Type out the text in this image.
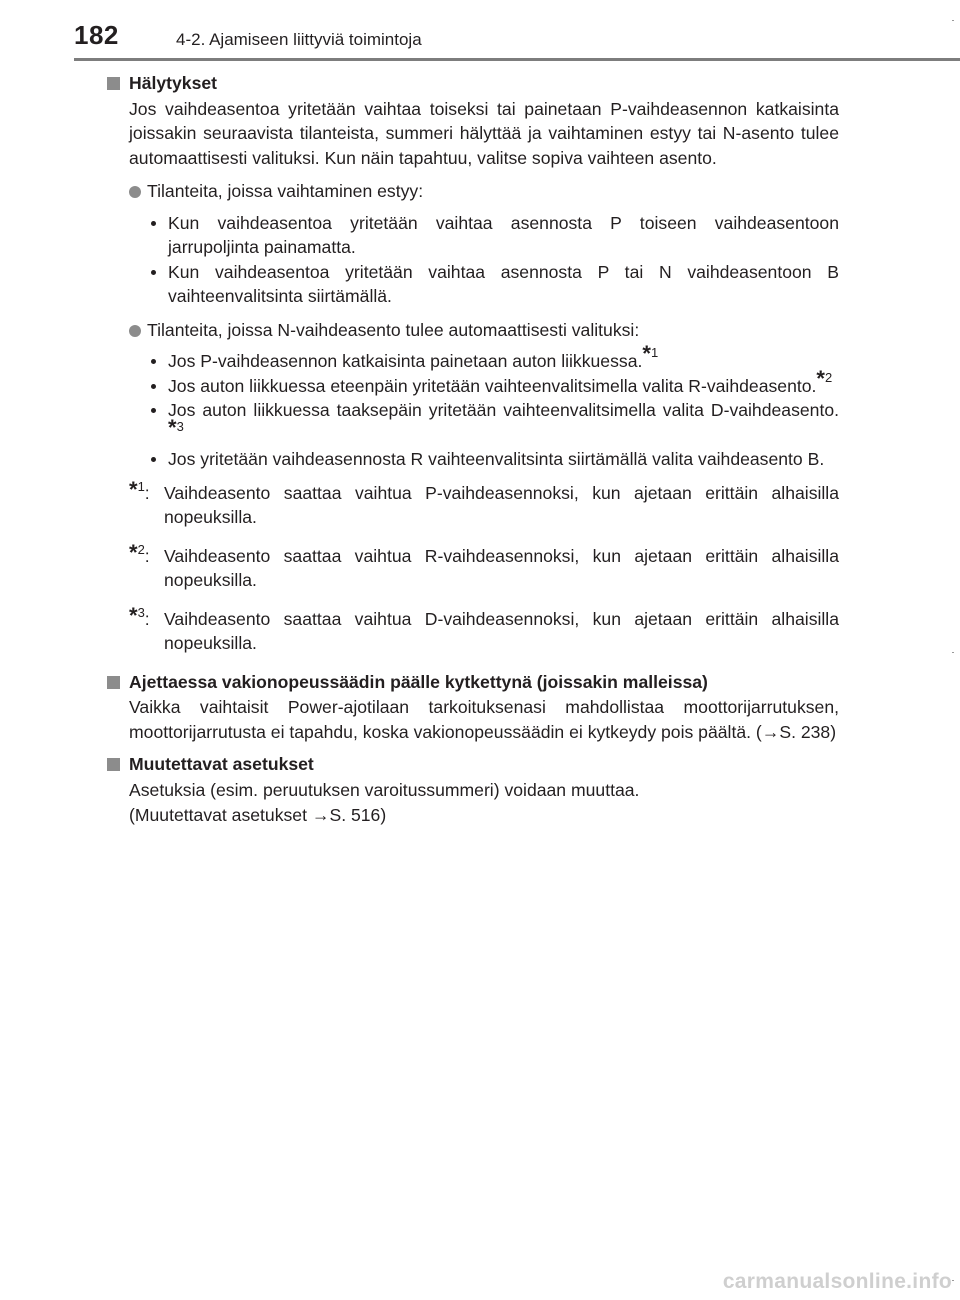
182	4-2. Ajamiseen liittyviä toimintoja
Hälytykset
Jos vaihdeasentoa yritetään vaihtaa toiseksi tai painetaan P-vaihdeasennon katkaisinta joissakin seuraavista tilanteista, summeri hälyttää ja vaihtaminen estyy tai N-asento tulee automaattisesti valituksi. Kun näin tapahtuu, valitse sopiva vaihteen asento.
Tilanteita, joissa vaihtaminen estyy:
Kun vaihdeasentoa yritetään vaihtaa asennosta P toiseen vaihdeasentoon jarrupoljinta painamatta.
Kun vaihdeasentoa yritetään vaihtaa asennosta P tai N vaihdeasentoon B vaihteenvalitsinta siirtämällä.
Tilanteita, joissa N-vaihdeasento tulee automaattisesti valituksi:
Jos P-vaihdeasennon katkaisinta painetaan auton liikkuessa.*$^1$
Jos auton liikkuessa eteenpäin yritetään vaihteenvalitsimella valita R-vaihdeasento.*$^2$
Jos auton liikkuessa taaksepäin yritetään vaihteenvalitsimella valita D-vaihdeasento.*$^3$
Jos yritetään vaihdeasennosta R vaihteenvalitsinta siirtämällä valita vaihdeasento B.
*$^1$: Vaihdeasento saattaa vaihtua P-vaihdeasennoksi, kun ajetaan erittäin alhaisilla nopeuksilla.
*$^2$: Vaihdeasento saattaa vaihtua R-vaihdeasennoksi, kun ajetaan erittäin alhaisilla nopeuksilla.
*$^3$: Vaihdeasento saattaa vaihtua D-vaihdeasennoksi, kun ajetaan erittäin alhaisilla nopeuksilla.
Ajettaessa vakionopeussäädin päälle kytkettynä (joissakin malleissa)
Vaikka vaihtaisit Power-ajotilaan tarkoituksenasi mahdollistaa moottorijarrutuksen, moottorijarrutusta ei tapahdu, koska vakionopeussäädin ei kytkeydy pois päältä. (→S. 238)
Muutettavat asetukset
Asetuksia (esim. peruutuksen varoitussummeri) voidaan muuttaa.
(Muutettavat asetukset →S. 516)
carmanualsonline.info
